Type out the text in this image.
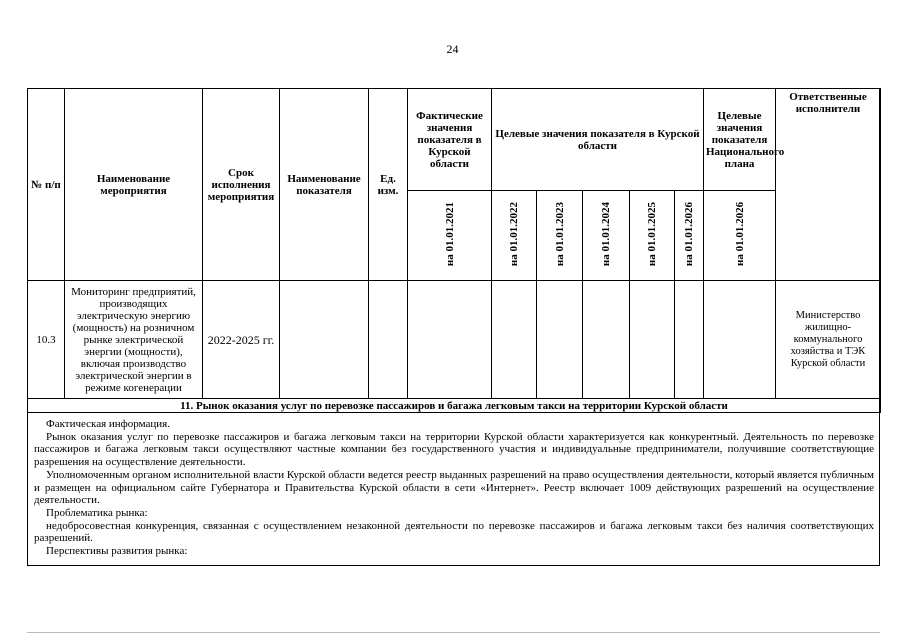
24
№ п/п	Наименование мероприятия	Срок исполнения мероприятия	Наименование показателя	Ед. изм.	Фактические значения показателя в Курской области	Целевые значения показателя в Курской области					Целевые значения показателя Национального плана	Ответственные исполнители
					на 01.01.2021	на 01.01.2022	на 01.01.2023	на 01.01.2024	на 01.01.2025	на 01.01.2026	на 01.01.2026	
10.3	Мониторинг предприятий, производящих электрическую энергию (мощность) на розничном рынке электрической энергии (мощности), включая производство электрической энергии в режиме когенерации	2022-2025 гг.										Министерство жилищно-коммунального хозяйства и ТЭК Курской области
11. Рынок оказания услуг по перевозке пассажиров и багажа легковым такси на территории Курской области												

Фактическая информация.

Рынок оказания услуг по перевозке пассажиров и багажа легковым такси на территории Курской области характеризуется как конкурентный. Деятельность по перевозке пассажиров и багажа легковым такси осуществляют частные компании без государственного участия и индивидуальные предприниматели, получившие соответствующие разрешения на осуществление деятельности.

Уполномоченным органом исполнительной власти Курской области ведется реестр выданных разрешений на право осуществления деятельности, который является публичным и размещен на официальном сайте Губернатора и Правительства Курской области в сети «Интернет». Реестр включает 1009 действующих разрешений на осуществление деятельности.

Проблематика рынка:

недобросовестная конкуренция, связанная с осуществлением незаконной деятельности по перевозке пассажиров и багажа легковым такси без наличия соответствующих разрешений.

Перспективы развития рынка:
